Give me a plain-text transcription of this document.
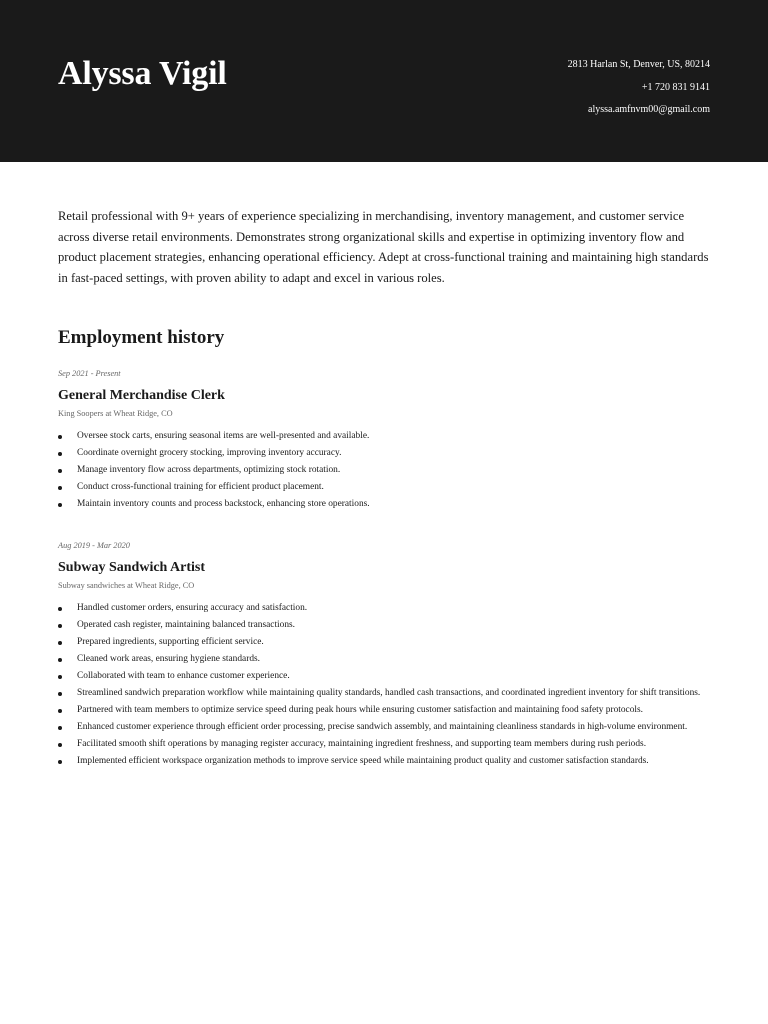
Alyssa Vigil	2813 Harlan St, Denver, US, 80214
+1 720 831 9141
alyssa.amfnvm00@gmail.com

Retail professional with 9+ years of experience specializing in merchandising, inventory management, and customer service across diverse retail environments. Demonstrates strong organizational skills and expertise in optimizing inventory flow and product placement strategies, enhancing operational efficiency. Adept at cross-functional training and maintaining high standards in fast-paced settings, with proven ability to adapt and excel in various roles.

Employment history
Sep 2021 - Present
General Merchandise Clerk
King Soopers at Wheat Ridge, CO
Oversee stock carts, ensuring seasonal items are well-presented and available.
Coordinate overnight grocery stocking, improving inventory accuracy.
Manage inventory flow across departments, optimizing stock rotation.
Conduct cross-functional training for efficient product placement.
Maintain inventory counts and process backstock, enhancing store operations.
Aug 2019 - Mar 2020
Subway Sandwich Artist
Subway sandwiches at Wheat Ridge, CO
Handled customer orders, ensuring accuracy and satisfaction.
Operated cash register, maintaining balanced transactions.
Prepared ingredients, supporting efficient service.
Cleaned work areas, ensuring hygiene standards.
Collaborated with team to enhance customer experience.
Streamlined sandwich preparation workflow while maintaining quality standards, handled cash transactions, and coordinated ingredient inventory for shift transitions.
Partnered with team members to optimize service speed during peak hours while ensuring customer satisfaction and maintaining food safety protocols.
Enhanced customer experience through efficient order processing, precise sandwich assembly, and maintaining cleanliness standards in high-volume environment.
Facilitated smooth shift operations by managing register accuracy, maintaining ingredient freshness, and supporting team members during rush periods.
Implemented efficient workspace organization methods to improve service speed while maintaining product quality and customer satisfaction standards.
